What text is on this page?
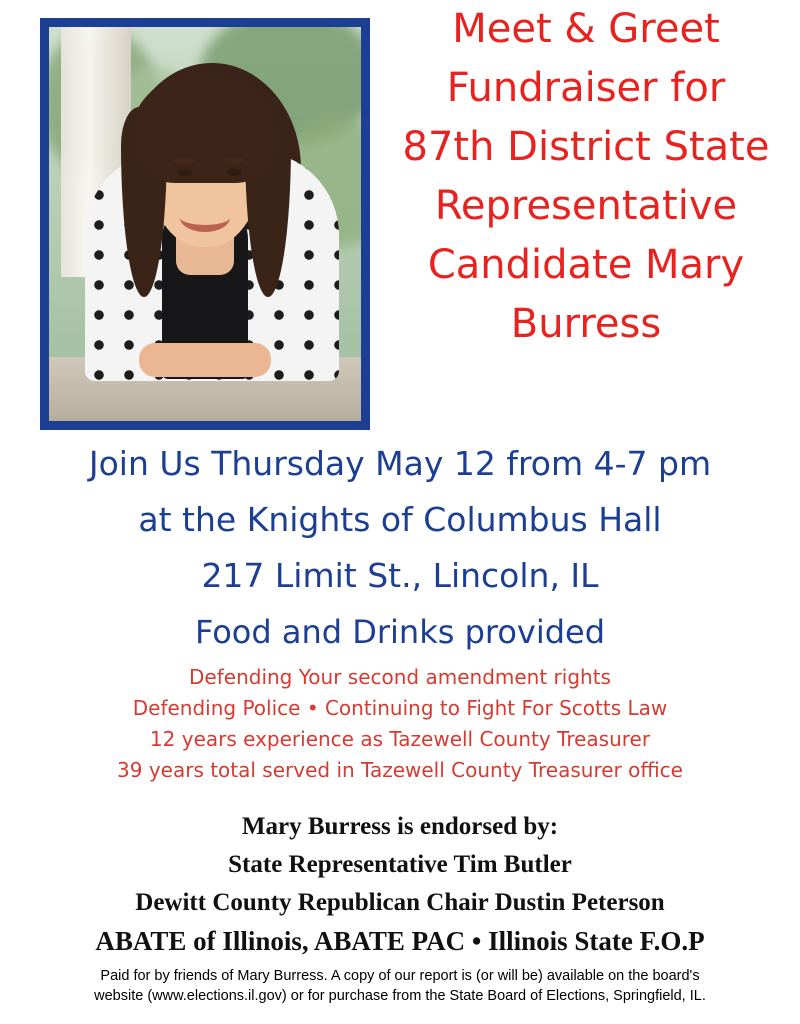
Meet & Greet
Fundraiser for
87th District State
Representative
Candidate Mary
Burress
Join Us Thursday May 12 from 4-7 pm
at the Knights of Columbus Hall
217 Limit St., Lincoln, IL
Food and Drinks provided
Defending Your second amendment rights
Defending Police • Continuing to Fight For Scotts Law
12 years experience as Tazewell County Treasurer
39 years total served in Tazewell County Treasurer office
Mary Burress is endorsed by:
State Representative Tim Butler
Dewitt County Republican Chair Dustin Peterson
ABATE of Illinois, ABATE PAC • Illinois State F.O.P
Paid for by friends of Mary Burress. A copy of our report is (or will be) available on the board's
website (www.elections.il.gov) or for purchase from the State Board of Elections, Springfield, IL.
